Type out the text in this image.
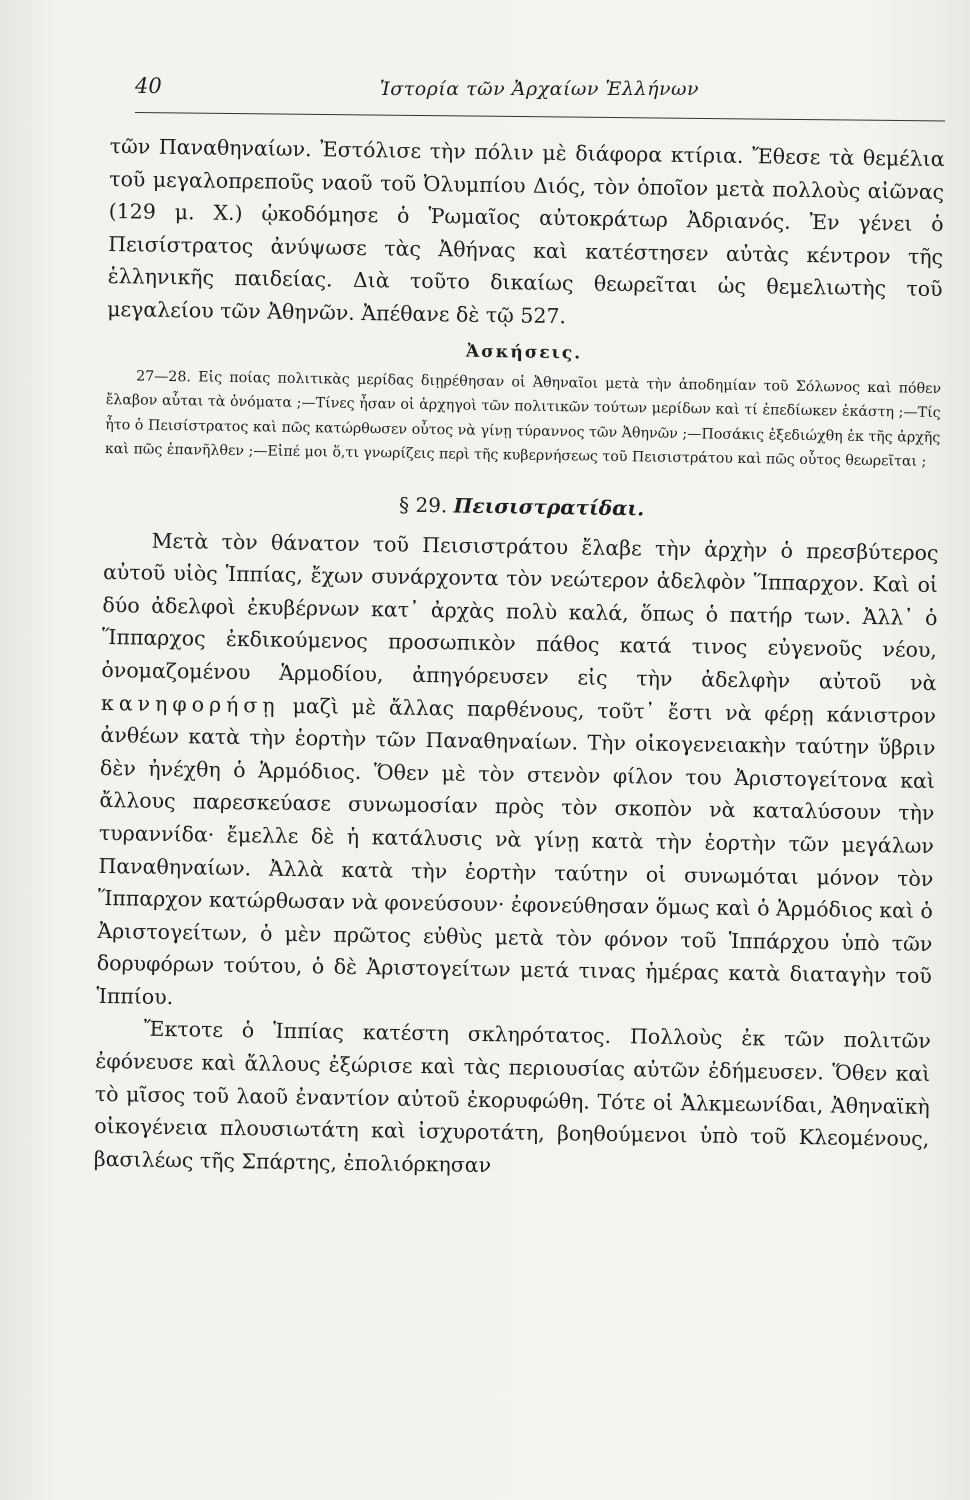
40	Ἱστορία τῶν Ἀρχαίων Ἑλλήνων

τῶν Παναθηναίων. Ἐστόλισε τὴν πόλιν μὲ διάφορα κτίρια. Ἔθεσε τὰ θεμέλια τοῦ μεγαλοπρεποῦς ναοῦ τοῦ Ὀλυμπίου Διός, τὸν ὁποῖον μετὰ πολλοὺς αἰῶνας (129 μ. Χ.) ᾠκοδόμησε ὁ Ῥωμαῖος αὐτοκράτωρ Ἀδριανός. Ἐν γένει ὁ Πεισίστρατος ἀνύψωσε τὰς Ἀθήνας καὶ κατέστησεν αὐτὰς κέντρον τῆς ἑλληνικῆς παιδείας. Διὰ τοῦτο δικαίως θεωρεῖται ὡς θεμελιωτὴς τοῦ μεγαλείου τῶν Ἀθηνῶν. Ἀπέθανε δὲ τῷ 527.

Ἀσκήσεις.

27—28. Εἰς ποίας πολιτικὰς μερίδας διῃρέθησαν οἱ Ἀθηναῖοι μετὰ τὴν ἀποδημίαν τοῦ Σόλωνος καὶ πόθεν ἔλαβον αὗται τὰ ὀνόματα ;—Τίνες ἦσαν οἱ ἀρχηγοὶ τῶν πολιτικῶν τούτων μερίδων καὶ τί ἐπεδίωκεν ἑκάστη ;—Τίς ἦτο ὁ Πεισίστρατος καὶ πῶς κατώρθωσεν οὗτος νὰ γίνῃ τύραννος τῶν Ἀθηνῶν ;—Ποσάκις ἐξεδιώχθη ἐκ τῆς ἀρχῆς καὶ πῶς ἐπανῆλθεν ;—Εἰπέ μοι ὅ,τι γνωρίζεις περὶ τῆς κυβερνήσεως τοῦ Πεισιστράτου καὶ πῶς οὗτος θεωρεῖται ;

§ 29. Πεισιστρατίδαι.

Μετὰ τὸν θάνατον τοῦ Πεισιστράτου ἔλαβε τὴν ἀρχὴν ὁ πρεσβύτερος αὐτοῦ υἱὸς Ἱππίας, ἔχων συνάρχοντα τὸν νεώτερον ἀδελφὸν Ἵππαρχον. Καὶ οἱ δύο ἀδελφοὶ ἐκυβέρνων κατ᾽ ἀρχὰς πολὺ καλά, ὅπως ὁ πατήρ των. Ἀλλ᾽ ὁ Ἵππαρχος ἐκδικούμενος προσωπικὸν πάθος κατά τινος εὐγενοῦς νέου, ὀνομαζομένου Ἁρμοδίου, ἀπηγόρευσεν εἰς τὴν ἀδελφὴν αὐτοῦ νὰ κανηφορήσῃ μαζὶ μὲ ἄλλας παρθένους, τοῦτ᾽ ἔστι νὰ φέρῃ κάνιστρον ἀνθέων κατὰ τὴν ἑορτὴν τῶν Παναθηναίων. Τὴν οἰκογενειακὴν ταύτην ὕβριν δὲν ἠνέχθη ὁ Ἁρμόδιος. Ὅθεν μὲ τὸν στενὸν φίλον του Ἀριστογείτονα καὶ ἄλλους παρεσκεύασε συνωμοσίαν πρὸς τὸν σκοπὸν νὰ καταλύσουν τὴν τυραννίδα· ἔμελλε δὲ ἡ κατάλυσις νὰ γίνῃ κατὰ τὴν ἑορτὴν τῶν μεγάλων Παναθηναίων. Ἀλλὰ κατὰ τὴν ἑορτὴν ταύτην οἱ συνωμόται μόνον τὸν Ἵππαρχον κατώρθωσαν νὰ φονεύσουν· ἐφονεύθησαν ὅμως καὶ ὁ Ἁρμόδιος καὶ ὁ Ἀριστογείτων, ὁ μὲν πρῶτος εὐθὺς μετὰ τὸν φόνον τοῦ Ἱππάρχου ὑπὸ τῶν δορυφόρων τούτου, ὁ δὲ Ἀριστογείτων μετά τινας ἡμέρας κατὰ διαταγὴν τοῦ Ἱππίου.

Ἔκτοτε ὁ Ἱππίας κατέστη σκληρότατος. Πολλοὺς ἐκ τῶν πολιτῶν ἐφόνευσε καὶ ἄλλους ἐξώρισε καὶ τὰς περιουσίας αὐτῶν ἐδήμευσεν. Ὅθεν καὶ τὸ μῖσος τοῦ λαοῦ ἐναντίον αὐτοῦ ἐκορυφώθη. Τότε οἱ Ἀλκμεωνίδαι, Ἀθηναϊκὴ οἰκογένεια πλουσιωτάτη καὶ ἰσχυροτάτη, βοηθούμενοι ὑπὸ τοῦ Κλεομένους, βασιλέως τῆς Σπάρτης, ἐπολιόρκησαν
